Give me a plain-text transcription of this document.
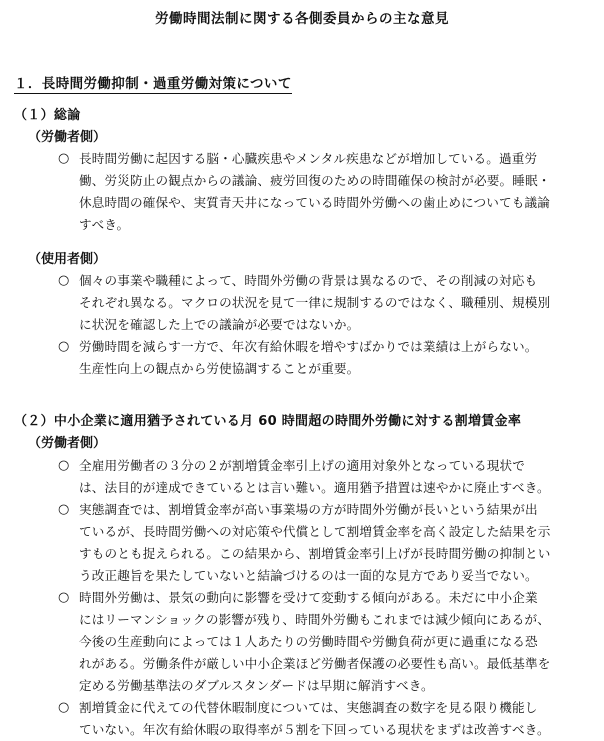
労働時間法制に関する各側委員からの主な意見
１．長時間労働抑制・過重労働対策について
（１）総論
（労働者側）
○ 長時間労働に起因する脳・心臓疾患やメンタル疾患などが増加している。過重労
働、労災防止の観点からの議論、疲労回復のための時間確保の検討が必要。睡眠・
休息時間の確保や、実質青天井になっている時間外労働への歯止めについても議論
すべき。
（使用者側）
○ 個々の事業や職種によって、時間外労働の背景は異なるので、その削減の対応も
それぞれ異なる。マクロの状況を見て一律に規制するのではなく、職種別、規模別
に状況を確認した上での議論が必要ではないか。
○ 労働時間を減らす一方で、年次有給休暇を増やすばかりでは業績は上がらない。
生産性向上の観点から労使協調することが重要。
（２）中小企業に適用猶予されている月 60 時間超の時間外労働に対する割増賃金率
（労働者側）
○ 全雇用労働者の３分の２が割増賃金率引上げの適用対象外となっている現状で
は、法目的が達成できているとは言い難い。適用猶予措置は速やかに廃止すべき。
○ 実態調査では、割増賃金率が高い事業場の方が時間外労働が長いという結果が出
ているが、長時間労働への対応策や代償として割増賃金率を高く設定した結果を示
すものとも捉えられる。この結果から、割増賃金率引上げが長時間労働の抑制とい
う改正趣旨を果たしていないと結論づけるのは一面的な見方であり妥当でない。
○ 時間外労働は、景気の動向に影響を受けて変動する傾向がある。未だに中小企業
にはリーマンショックの影響が残り、時間外労働もこれまでは減少傾向にあるが、
今後の生産動向によっては１人あたりの労働時間や労働負荷が更に過重になる恐
れがある。労働条件が厳しい中小企業ほど労働者保護の必要性も高い。最低基準を
定める労働基準法のダブルスタンダードは早期に解消すべき。
○ 割増賃金に代えての代替休暇制度については、実態調査の数字を見る限り機能し
ていない。年次有給休暇の取得率が５割を下回っている現状をまずは改善すべき。
